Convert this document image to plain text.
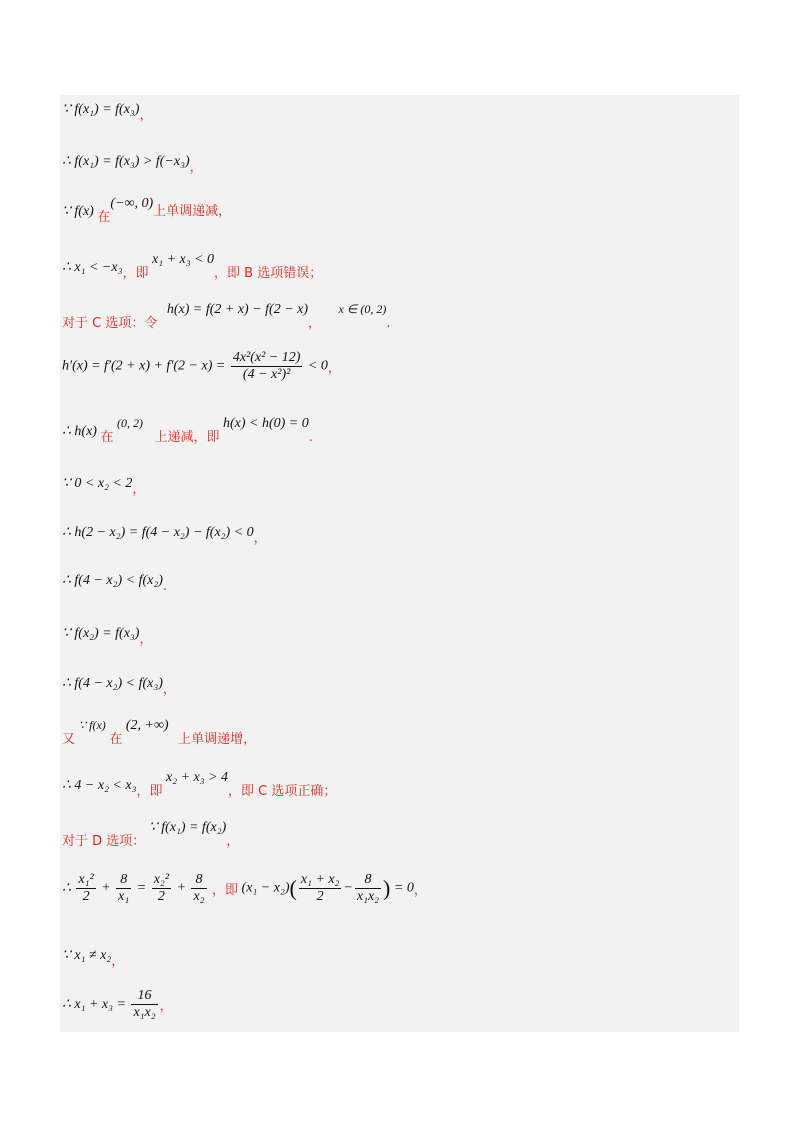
∵ f(x₁) = f(x₃)，
∴ f(x₁) = f(x₃) > f(−x₃)，
∵ f(x) 在(−∞, 0)上单调递减，
∴ x₁ < −x₃，即 x₁ + x₃ < 0，即 B 选项错误；
对于 C 选项：令 h(x) = f(2 + x) − f(2 − x)， x ∈ (0, 2).
$h'(x) = f'(2 + x) + f'(2 - x) = \frac{\text{4x²(x² − 12)}}{\text{(4 − x²)²}} < 0$，
∴ h(x) 在 (0, 2) 上递减，即 h(x) < h(0) = 0.
∵ 0 < x₂ < 2，
∴ h(2 − x₂) = f(4 − x₂) − f(x₂) < 0，
∴ f(4 − x₂) < f(x₂).
∵ f(x₂) = f(x₃)，
∴ f(4 − x₂) < f(x₃)，
又 ∵ f(x) 在 (2, +∞) 上单调递增，
∴ 4 − x₂ < x₃，即 x₂ + x₃ > 4，即 C 选项正确；
对于 D 选项： ∵ f(x₁) = f(x₂)，
∴ $\frac{\text{x₁²}}{2} + \frac{8}{\text{x₁}} = \frac{\text{x₂²}}{2} + \frac{8}{\text{x₂}}$ ，即 $(x_1 - x_2)( \frac{\text{x₁ + x₂}}{2} - \frac{8}{\text{x₁x₂}}$ ) = 0，
∵ x₁ ≠ x₂，
∴ $x_1 + x_3 = \frac{16}{\text{x₁x₂}}$ ，
